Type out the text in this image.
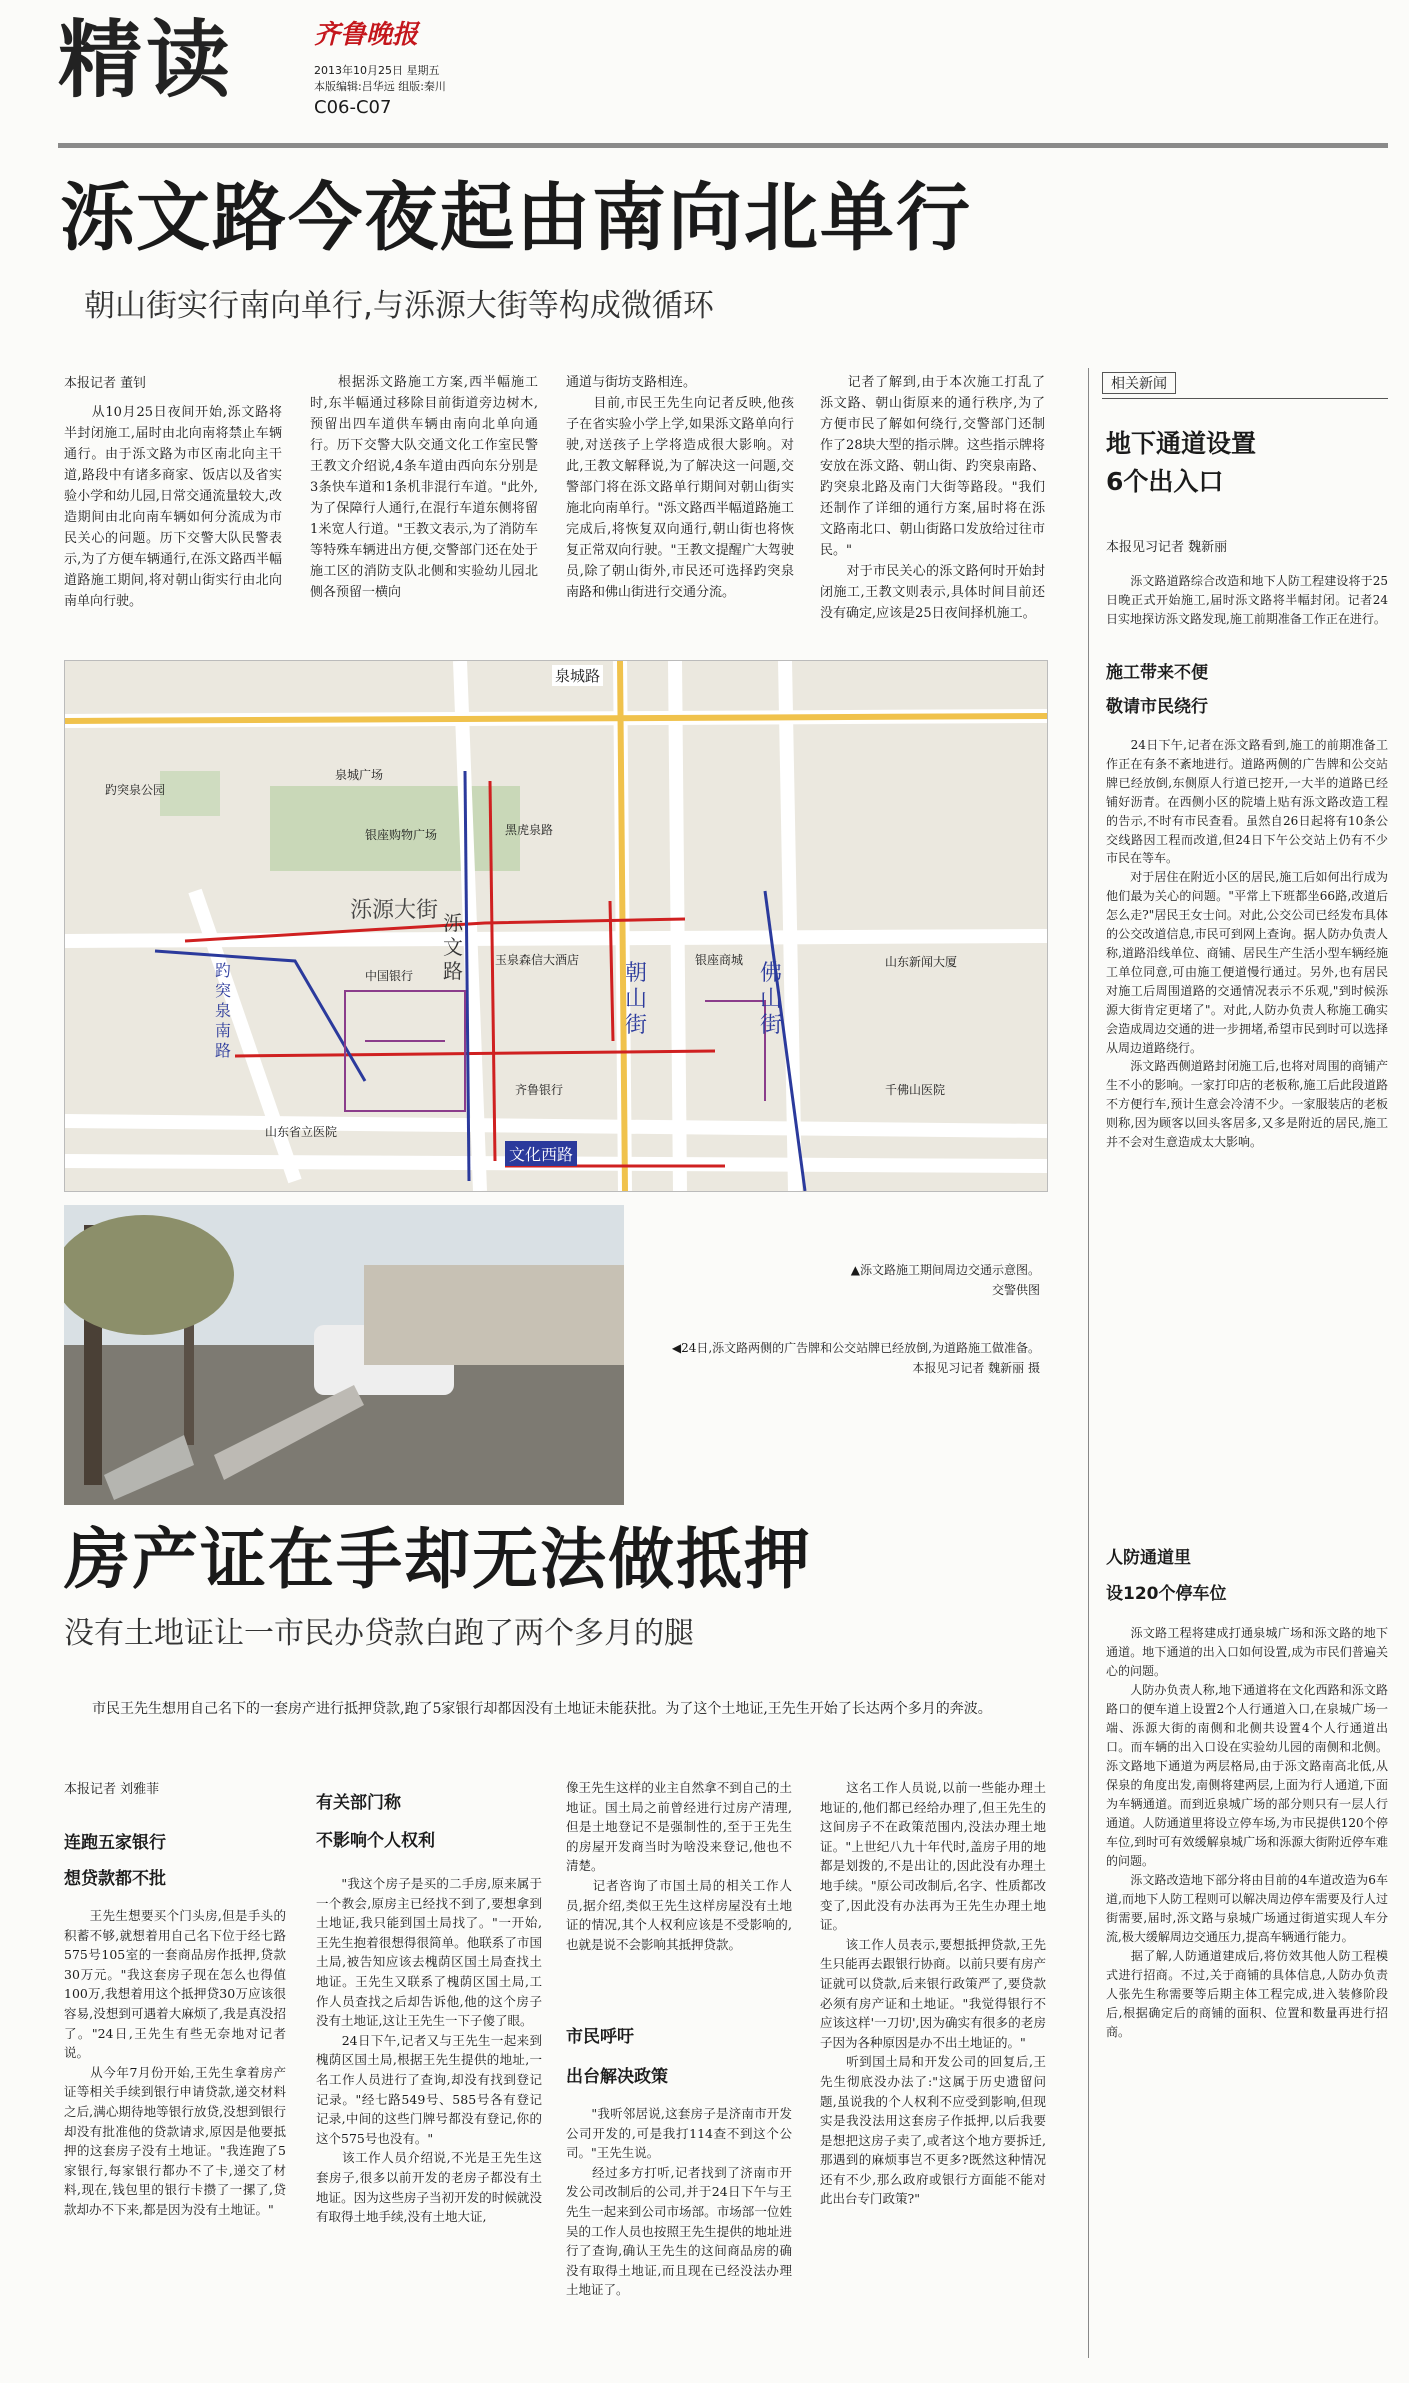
精读	齐鲁晚报
2013年10月25日 星期五
本版编辑:吕华远 组版:秦川
C06-C07
泺文路今夜起由南向北单行
朝山街实行南向单行,与泺源大街等构成微循环
本报记者 董钊
　　从10月25日夜间开始,泺文路将半封闭施工,届时由北向南将禁止车辆通行。由于泺文路为市区南北向主干道,路段中有诸多商家、饭店以及省实验小学和幼儿园,日常交通流量较大,改造期间由北向南车辆如何分流成为市民关心的问题。历下交警大队民警表示,为了方便车辆通行,在泺文路西半幅道路施工期间,将对朝山街实行由北向南单向行驶。
　　根据泺文路施工方案,西半幅施工时,东半幅通过移除目前街道旁边树木,预留出四车道供车辆由南向北单向通行。历下交警大队交通文化工作室民警王教文介绍说,4条车道由西向东分别是3条快车道和1条机非混行车道。"此外,为了保障行人通行,在混行车道东侧将留1米宽人行道。"王教文表示,为了消防车等特殊车辆进出方便,交警部门还在处于施工区的消防支队北侧和实验幼儿园北侧各预留一横向
通道与街坊支路相连。
　　目前,市民王先生向记者反映,他孩子在省实验小学上学,如果泺文路单向行驶,对送孩子上学将造成很大影响。对此,王教文解释说,为了解决这一问题,交警部门将在泺文路单行期间对朝山街实施北向南单行。"泺文路西半幅道路施工完成后,将恢复双向通行,朝山街也将恢复正常双向行驶。"王教文提醒广大驾驶员,除了朝山街外,市民还可选择趵突泉南路和佛山街进行交通分流。
　　记者了解到,由于本次施工打乱了泺文路、朝山街原来的通行秩序,为了方便市民了解如何绕行,交警部门还制作了28块大型的指示牌。这些指示牌将安放在泺文路、朝山街、趵突泉南路、趵突泉北路及南门大街等路段。"我们还制作了详细的通行方案,届时将在泺文路南北口、朝山街路口发放给过往市民。"
　　对于市民关心的泺文路何时开始封闭施工,王教文则表示,具体时间目前还没有确定,应该是25日夜间择机施工。
泉城路
泉城广场
泺源大街 泺文路	朝山街
佛山街
趵突泉南路
文化西路
银座购物广场
趵突泉公园
黑虎泉路
玉泉森信大酒店
中国银行
山东新闻大厦
山东省立医院
齐鲁银行
银座商城
千佛山医院
▲泺文路施工期间周边交通示意图。
交警供图
◀24日,泺文路两侧的广告牌和公交站牌已经放倒,为道路施工做准备。
本报见习记者 魏新丽 摄
相关新闻
地下通道设置
6个出入口
本报见习记者 魏新丽
　　泺文路道路综合改造和地下人防工程建设将于25日晚正式开始施工,届时泺文路将半幅封闭。记者24日实地探访泺文路发现,施工前期准备工作正在进行。
施工带来不便
敬请市民绕行
　　24日下午,记者在泺文路看到,施工的前期准备工作正在有条不紊地进行。道路两侧的广告牌和公交站牌已经放倒,东侧原人行道已挖开,一大半的道路已经铺好沥青。在西侧小区的院墙上贴有泺文路改造工程的告示,不时有市民查看。虽然自26日起将有10条公交线路因工程而改道,但24日下午公交站上仍有不少市民在等车。
　　对于居住在附近小区的居民,施工后如何出行成为他们最为关心的问题。"平常上下班都坐66路,改道后怎么走?"居民王女士问。对此,公交公司已经发布具体的公交改道信息,市民可到网上查询。据人防办负责人称,道路沿线单位、商铺、居民生产生活小型车辆经施工单位同意,可由施工便道慢行通过。另外,也有居民对施工后周围道路的交通情况表示不乐观,"到时候泺源大街肯定更堵了"。对此,人防办负责人称施工确实会造成周边交通的进一步拥堵,希望市民到时可以选择从周边道路绕行。
　　泺文路西侧道路封闭施工后,也将对周围的商铺产生不小的影响。一家打印店的老板称,施工后此段道路不方便行车,预计生意会冷清不少。一家服装店的老板则称,因为顾客以回头客居多,又多是附近的居民,施工并不会对生意造成太大影响。
人防通道里
设120个停车位
　　泺文路工程将建成打通泉城广场和泺文路的地下通道。地下通道的出入口如何设置,成为市民们普遍关心的问题。
　　人防办负责人称,地下通道将在文化西路和泺文路路口的便车道上设置2个人行通道入口,在泉城广场一端、泺源大街的南侧和北侧共设置4个人行通道出口。而车辆的出入口设在实验幼儿园的南侧和北侧。泺文路地下通道为两层格局,由于泺文路南高北低,从保泉的角度出发,南侧将建两层,上面为行人通道,下面为车辆通道。而到近泉城广场的部分则只有一层人行通道。人防通道里将设立停车场,为市民提供120个停车位,到时可有效缓解泉城广场和泺源大街附近停车难的问题。
　　泺文路改造地下部分将由目前的4车道改造为6车道,而地下人防工程则可以解决周边停车需要及行人过街需要,届时,泺文路与泉城广场通过街道实现人车分流,极大缓解周边交通压力,提高车辆通行能力。
　　据了解,人防通道建成后,将仿效其他人防工程模式进行招商。不过,关于商铺的具体信息,人防办负责人张先生称需要等后期主体工程完成,进入装修阶段后,根据确定后的商铺的面积、位置和数量再进行招商。
房产证在手却无法做抵押
没有土地证让一市民办贷款白跑了两个多月的腿
　　市民王先生想用自己名下的一套房产进行抵押贷款,跑了5家银行却都因没有土地证未能获批。为了这个土地证,王先生开始了长达两个多月的奔波。
本报记者 刘雅菲
连跑五家银行
想贷款都不批
　　王先生想要买个门头房,但是手头的积蓄不够,就想着用自己名下位于经七路575号105室的一套商品房作抵押,贷款30万元。"我这套房子现在怎么也得值100万,我想着用这个抵押贷30万应该很容易,没想到可遇着大麻烦了,我是真没招了。"24日,王先生有些无奈地对记者说。
　　从今年7月份开始,王先生拿着房产证等相关手续到银行申请贷款,递交材料之后,满心期待地等银行放贷,没想到银行却没有批准他的贷款请求,原因是他要抵押的这套房子没有土地证。"我连跑了5家银行,每家银行都办不了卡,递交了材料,现在,钱包里的银行卡攒了一摞了,贷款却办不下来,都是因为没有土地证。"
有关部门称
不影响个人权利
　　"我这个房子是买的二手房,原来属于一个教会,原房主已经找不到了,要想拿到土地证,我只能到国土局找了。"一开始,王先生抱着很想得很简单。他联系了市国土局,被告知应该去槐荫区国土局查找土地证。王先生又联系了槐荫区国土局,工作人员查找之后却告诉他,他的这个房子没有土地证,这让王先生一下子傻了眼。
　　24日下午,记者又与王先生一起来到槐荫区国土局,根据王先生提供的地址,一名工作人员进行了查询,却没有找到登记记录。"经七路549号、585号各有登记记录,中间的这些门牌号都没有登记,你的这个575号也没有。"
　　该工作人员介绍说,不光是王先生这套房子,很多以前开发的老房子都没有土地证。因为这些房子当初开发的时候就没有取得土地手续,没有土地大证,
像王先生这样的业主自然拿不到自己的土地证。国土局之前曾经进行过房产清理,但是土地登记不是强制性的,至于王先生的房屋开发商当时为啥没来登记,他也不清楚。
　　记者咨询了市国土局的相关工作人员,据介绍,类似王先生这样房屋没有土地证的情况,其个人权利应该是不受影响的,也就是说不会影响其抵押贷款。
市民呼吁
出台解决政策
　　"我听邻居说,这套房子是济南市开发公司开发的,可是我打114查不到这个公司。"王先生说。
　　经过多方打听,记者找到了济南市开发公司改制后的公司,并于24日下午与王先生一起来到公司市场部。市场部一位姓吴的工作人员也按照王先生提供的地址进行了查询,确认王先生的这间商品房的确没有取得土地证,而且现在已经没法办理土地证了。
　　这名工作人员说,以前一些能办理土地证的,他们都已经给办理了,但王先生的这间房子不在政策范围内,没法办理土地证。"上世纪八九十年代时,盖房子用的地都是划拨的,不是出让的,因此没有办理土地手续。"原公司改制后,名字、性质都改变了,因此没有办法再为王先生办理土地证。
　　该工作人员表示,要想抵押贷款,王先生只能再去跟银行协商。以前只要有房产证就可以贷款,后来银行政策严了,要贷款必须有房产证和土地证。"我觉得银行不应该这样'一刀切',因为确实有很多的老房子因为各种原因是办不出土地证的。"
　　听到国土局和开发公司的回复后,王先生彻底没办法了:"这属于历史遗留问题,虽说我的个人权利不应受到影响,但现实是我没法用这套房子作抵押,以后我要是想把这房子卖了,或者这个地方要拆迁,那遇到的麻烦事岂不更多?既然这种情况还有不少,那么政府或银行方面能不能对此出台专门政策?"
